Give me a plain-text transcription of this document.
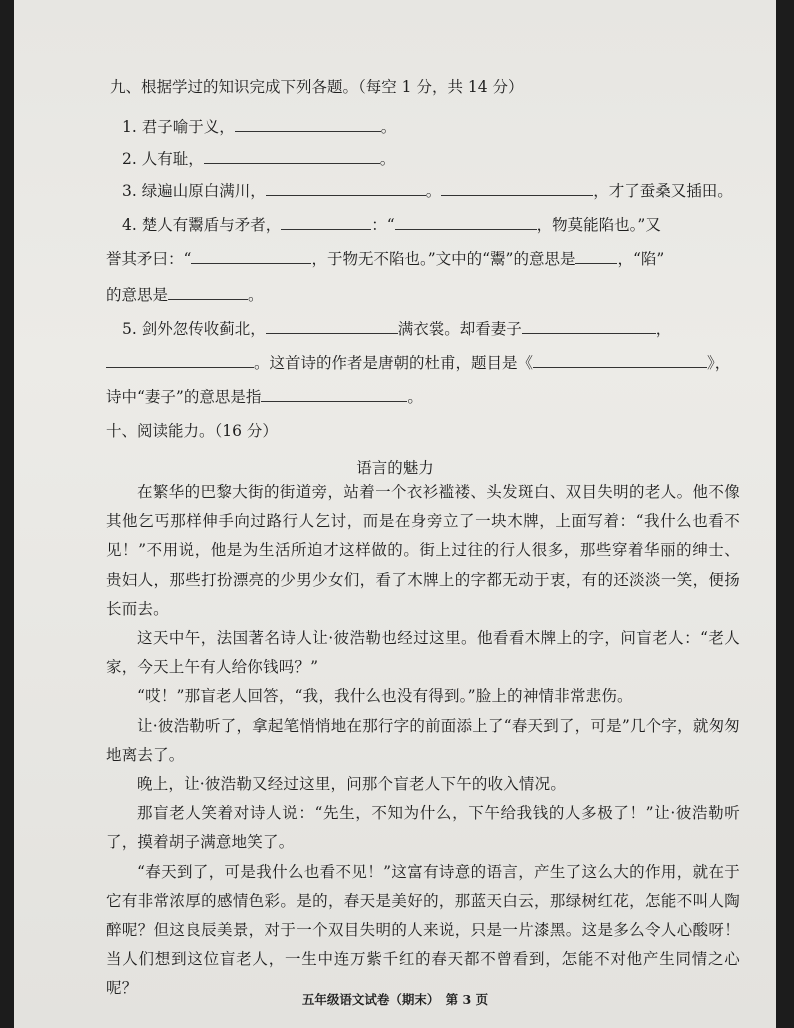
九、根据学过的知识完成下列各题。（每空 1 分，共 14 分）
1. 君子喻于义，	。
2. 人有耻，	。
3. 绿遍山原白满川，	。	，才了蚕桑又插田。
4. 楚人有鬻盾与矛者，	：“	，物莫能陷也。”又
誉其矛曰：“	，于物无不陷也。”文中的“鬻”的意思是	，“陷”
的意思是	。
5. 剑外忽传收蓟北，	满衣裳。却看妻子	，
。这首诗的作者是唐朝的杜甫，题目是《	》，
诗中“妻子”的意思是指	。
十、阅读能力。（16 分）
语言的魅力

在繁华的巴黎大街的街道旁，站着一个衣衫褴褛、头发斑白、双目失明的老人。他不像其他乞丐那样伸手向过路行人乞讨，而是在身旁立了一块木牌，上面写着：“我什么也看不见！”不用说，他是为生活所迫才这样做的。街上过往的行人很多，那些穿着华丽的绅士、贵妇人，那些打扮漂亮的少男少女们，看了木牌上的字都无动于衷，有的还淡淡一笑，便扬长而去。

这天中午，法国著名诗人让·彼浩勒也经过这里。他看看木牌上的字，问盲老人：“老人家，今天上午有人给你钱吗？”

“哎！”那盲老人回答，“我，我什么也没有得到。”脸上的神情非常悲伤。

让·彼浩勒听了，拿起笔悄悄地在那行字的前面添上了“春天到了，可是”几个字，就匆匆地离去了。

晚上，让·彼浩勒又经过这里，问那个盲老人下午的收入情况。

那盲老人笑着对诗人说：“先生，不知为什么，下午给我钱的人多极了！”让·彼浩勒听了，摸着胡子满意地笑了。

“春天到了，可是我什么也看不见！”这富有诗意的语言，产生了这么大的作用，就在于它有非常浓厚的感情色彩。是的，春天是美好的，那蓝天白云，那绿树红花，怎能不叫人陶醉呢？但这良辰美景，对于一个双目失明的人来说，只是一片漆黑。这是多么令人心酸呀！当人们想到这位盲老人，一生中连万紫千红的春天都不曾看到，怎能不对他产生同情之心呢？

五年级语文试卷（期末）　第 3 页
